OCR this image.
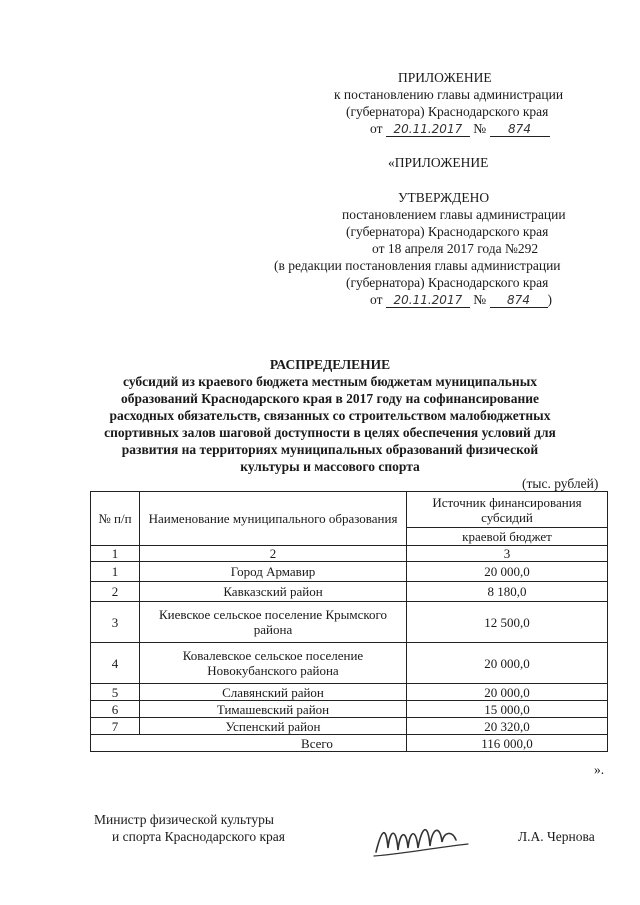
ПРИЛОЖЕНИЕ
к постановлению главы администрации
(губернатора) Краснодарского края
от 20.11.2017 № 874
«ПРИЛОЖЕНИЕ
УТВЕРЖДЕНО
постановлением главы администрации
(губернатора) Краснодарского края
от 18 апреля 2017 года №292
(в редакции постановления главы администрации
(губернатора) Краснодарского края
от 20.11.2017 № 874 )
РАСПРЕДЕЛЕНИЕ
субсидий из краевого бюджета местным бюджетам муниципальных
образований Краснодарского края в 2017 году на софинансирование
расходных обязательств, связанных со строительством малобюджетных
спортивных залов шаговой доступности в целях обеспечения условий для
развития на территориях муниципальных образований физической
культуры и массового спорта
(тыс. рублей)
№ п/п	Наименование муниципального образования	Источник финансирования субсидий
		краевой бюджет
1	2	3
1	Город Армавир	20 000,0
2	Кавказский район	8 180,0
3	Киевское сельское поселение Крымского района	12 500,0
4	Ковалевское сельское поселение Новокубанского района	20 000,0
5	Славянский район	20 000,0
6	Тимашевский район	15 000,0
7	Успенский район	20 320,0
Всего		116 000,0
».
Министр физической культуры
и спорта Краснодарского края	Л.А. Чернова
